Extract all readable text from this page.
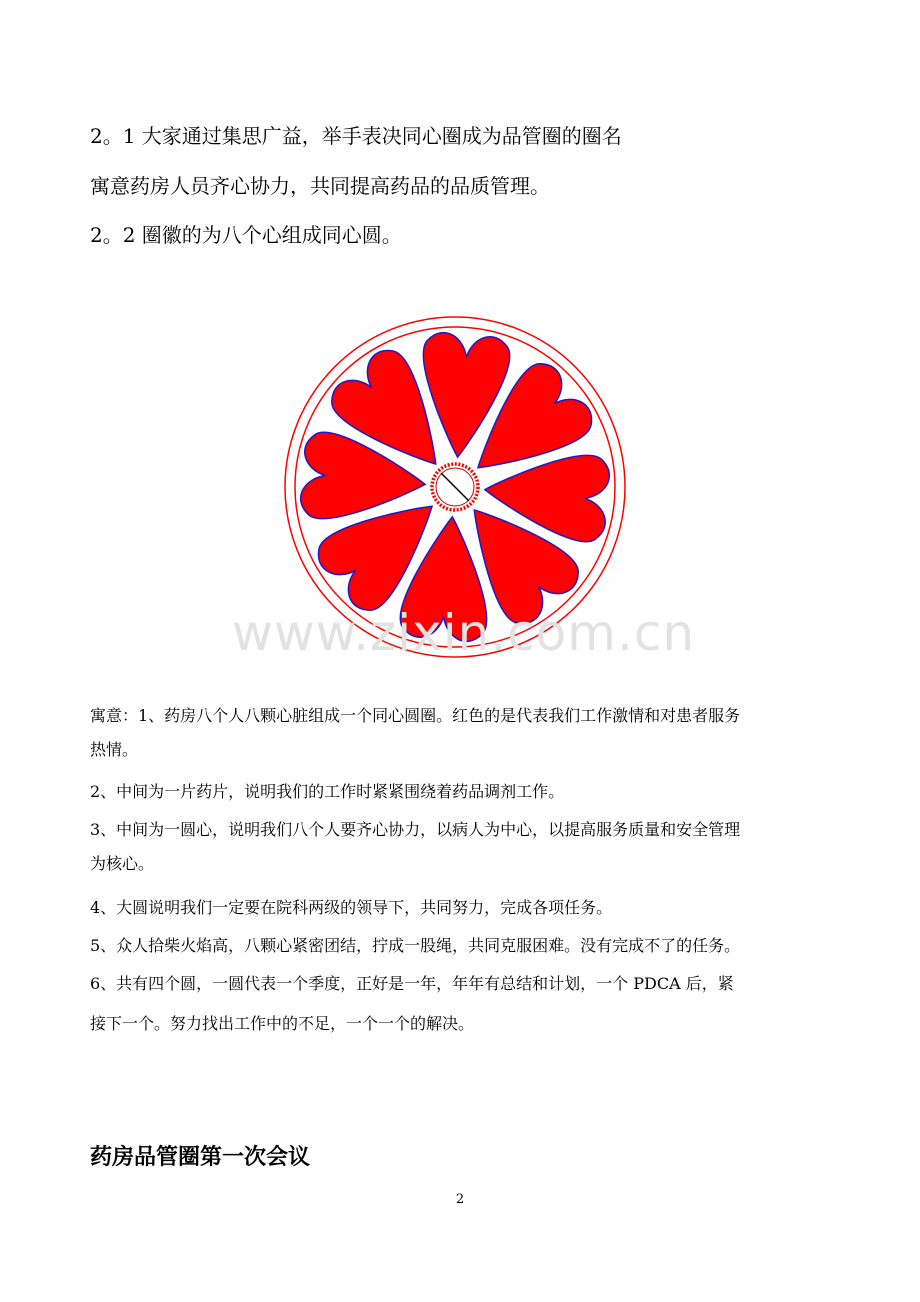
2。1 大家通过集思广益，举手表决同心圈成为品管圈的圈名
寓意药房人员齐心协力，共同提高药品的品质管理。
2。2 圈徽的为八个心组成同心圆。
www.zixin.com.cn
寓意：1、药房八个人八颗心脏组成一个同心圆圈。红色的是代表我们工作激情和对患者服务
热情。
2、中间为一片药片，说明我们的工作时紧紧围绕着药品调剂工作。
3、中间为一圆心，说明我们八个人要齐心协力，以病人为中心，以提高服务质量和安全管理
为核心。
4、大圆说明我们一定要在院科两级的领导下，共同努力，完成各项任务。
5、众人拾柴火焰高，八颗心紧密团结，拧成一股绳，共同克服困难。没有完成不了的任务。
6、共有四个圆，一圆代表一个季度，正好是一年，年年有总结和计划，一个 PDCA 后，紧
接下一个。努力找出工作中的不足，一个一个的解决。
药房品管圈第一次会议
2
